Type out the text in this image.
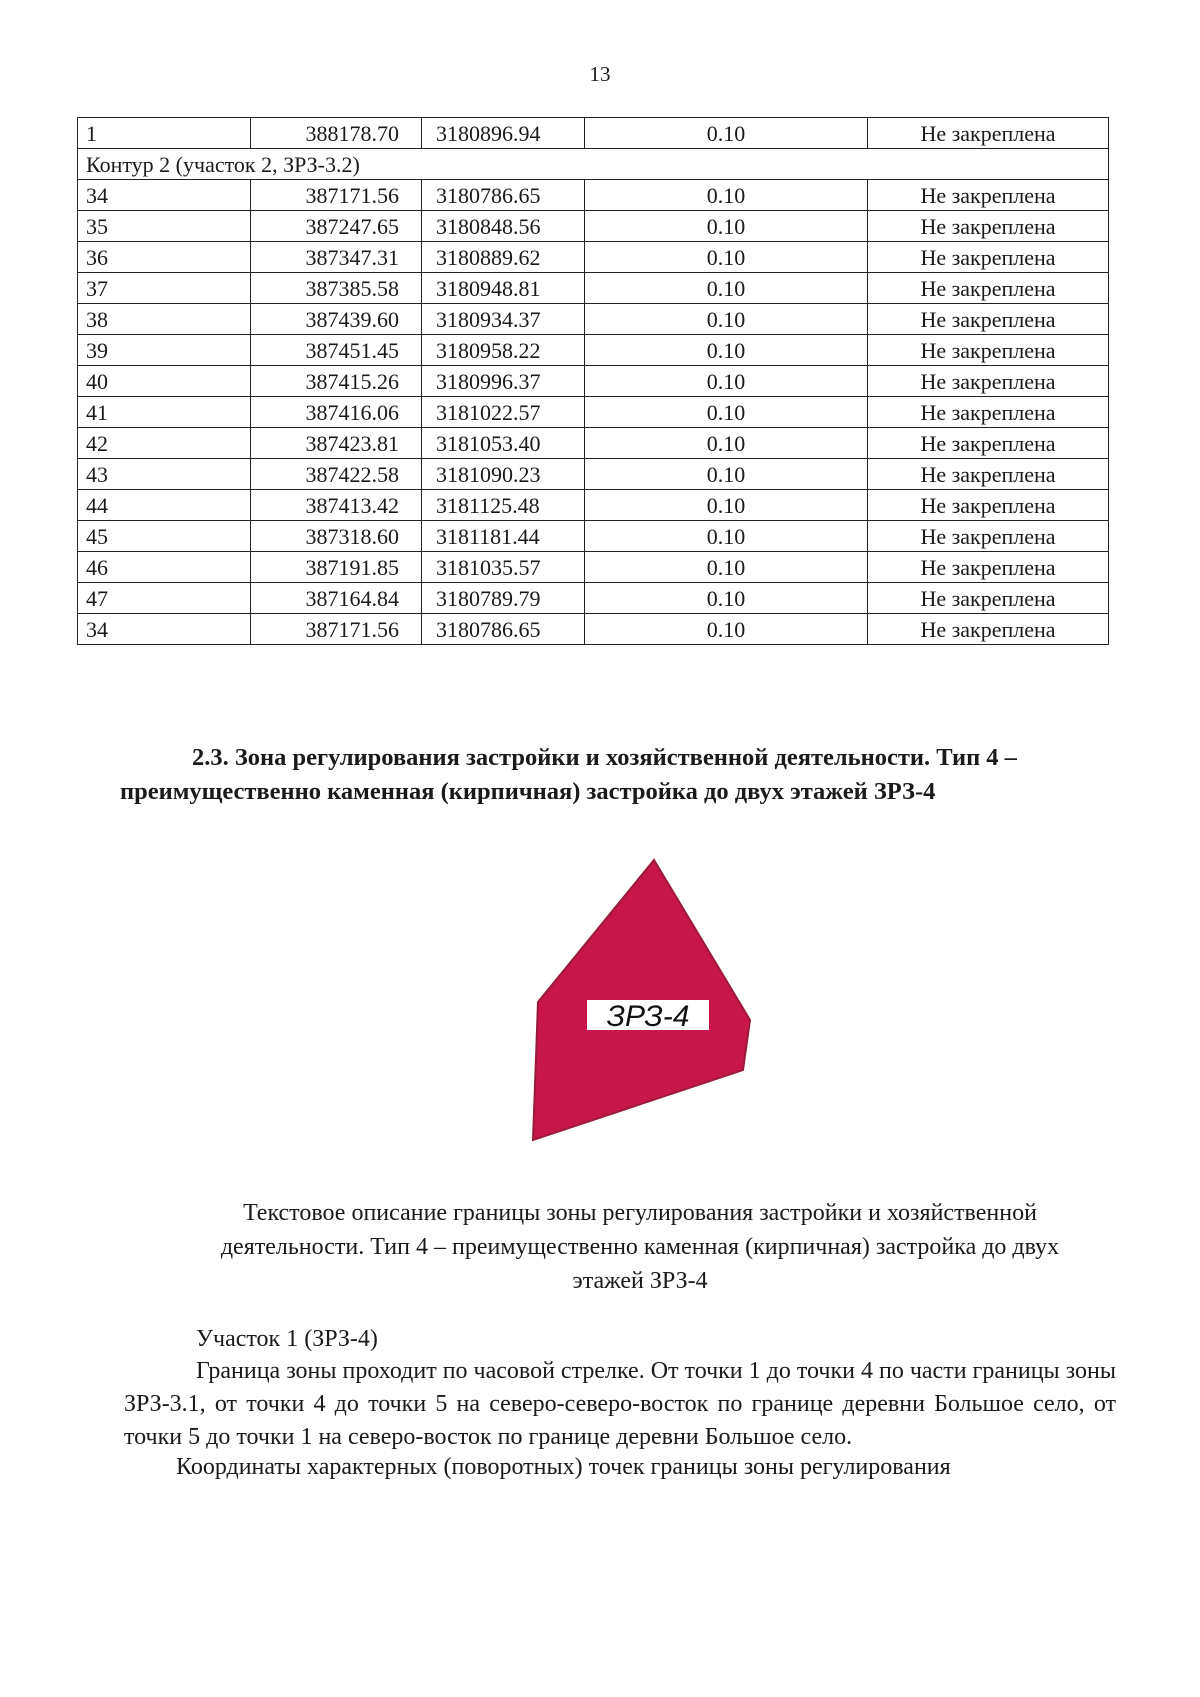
13
1	388178.70	3180896.94	0.10	Не закреплена
Контур 2 (участок 2, ЗРЗ-3.2)				
34	387171.56	3180786.65	0.10	Не закреплена
35	387247.65	3180848.56	0.10	Не закреплена
36	387347.31	3180889.62	0.10	Не закреплена
37	387385.58	3180948.81	0.10	Не закреплена
38	387439.60	3180934.37	0.10	Не закреплена
39	387451.45	3180958.22	0.10	Не закреплена
40	387415.26	3180996.37	0.10	Не закреплена
41	387416.06	3181022.57	0.10	Не закреплена
42	387423.81	3181053.40	0.10	Не закреплена
43	387422.58	3181090.23	0.10	Не закреплена
44	387413.42	3181125.48	0.10	Не закреплена
45	387318.60	3181181.44	0.10	Не закреплена
46	387191.85	3181035.57	0.10	Не закреплена
47	387164.84	3180789.79	0.10	Не закреплена
34	387171.56	3180786.65	0.10	Не закреплена
2.3. Зона регулирования застройки и хозяйственной деятельности. Тип 4 –
преимущественно каменная (кирпичная) застройка до двух этажей ЗРЗ-4
ЗРЗ-4
Текстовое описание границы зоны регулирования застройки и хозяйственной
деятельности. Тип 4 – преимущественно каменная (кирпичная) застройка до двух
этажей ЗРЗ-4
Участок 1 (ЗРЗ-4)
Граница зоны проходит по часовой стрелке. От точки 1 до точки 4 по части границы зоны ЗРЗ-3.1, от точки 4 до точки 5 на северо-северо-восток по границе деревни Большое село, от точки 5 до точки 1 на северо-восток по границе деревни Большое село.
Координаты характерных (поворотных) точек границы зоны регулирования
